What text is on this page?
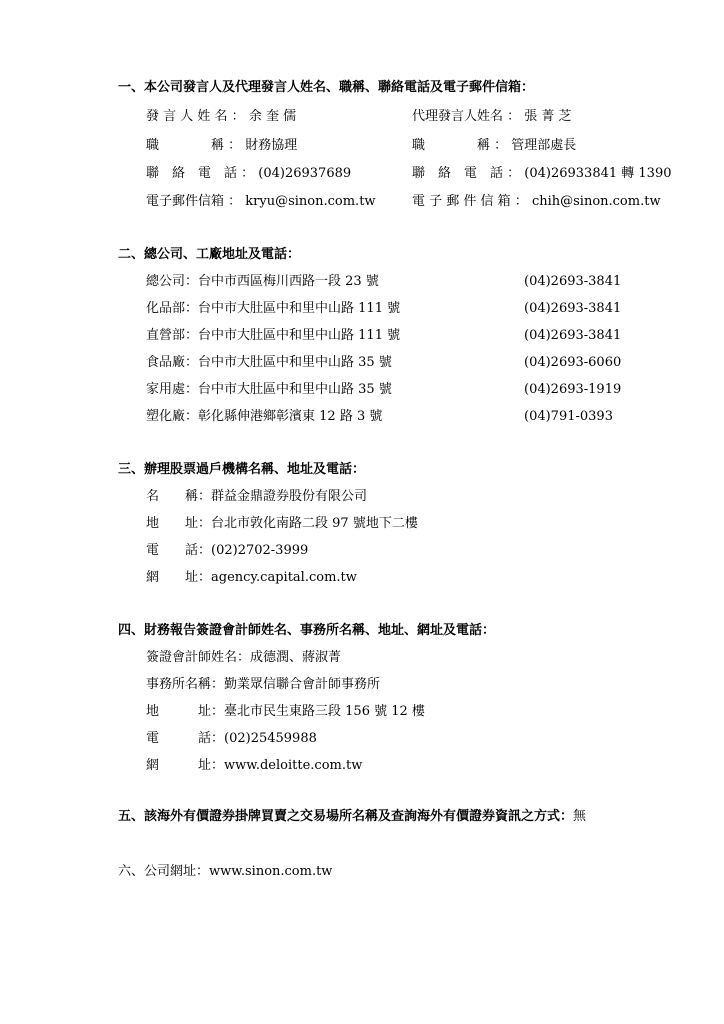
一、本公司發言人及代理發言人姓名、職稱、聯絡電話及電子郵件信箱：
發 言 人 姓 名 ： 余 奎 儒	代理發言人姓名 ： 張 菁 芝
職　　　　稱 ： 財務協理	職　　　　稱 ： 管理部處長
聯　絡　電　話 ： (04)26937689	聯　絡　電　話 ： (04)26933841 轉 1390
電子郵件信箱 ： kryu@sinon.com.tw	電 子 郵 件 信 箱 ： chih@sinon.com.tw
二、總公司、工廠地址及電話：
總公司：台中市西區梅川西路一段 23 號	(04)2693-3841
化品部：台中市大肚區中和里中山路 111 號	(04)2693-3841
直營部：台中市大肚區中和里中山路 111 號	(04)2693-3841
食品廠：台中市大肚區中和里中山路 35 號	(04)2693-6060
家用處：台中市大肚區中和里中山路 35 號	(04)2693-1919
塑化廠：彰化縣伸港鄉彰濱東 12 路 3 號	(04)791-0393
三、辦理股票過戶機構名稱、地址及電話：
名　　稱：群益金鼎證券股份有限公司
地　　址：台北市敦化南路二段 97 號地下二樓
電　　話：(02)2702-3999
網　　址：agency.capital.com.tw
四、財務報告簽證會計師姓名、事務所名稱、地址、網址及電話：
簽證會計師姓名：成德潤、蔣淑菁
事務所名稱：勤業眾信聯合會計師事務所
地　　　址：臺北市民生東路三段 156 號 12 樓
電　　　話：(02)25459988
網　　　址：www.deloitte.com.tw
五、該海外有價證券掛牌買賣之交易場所名稱及查詢海外有價證券資訊之方式：無
六、公司網址：www.sinon.com.tw
